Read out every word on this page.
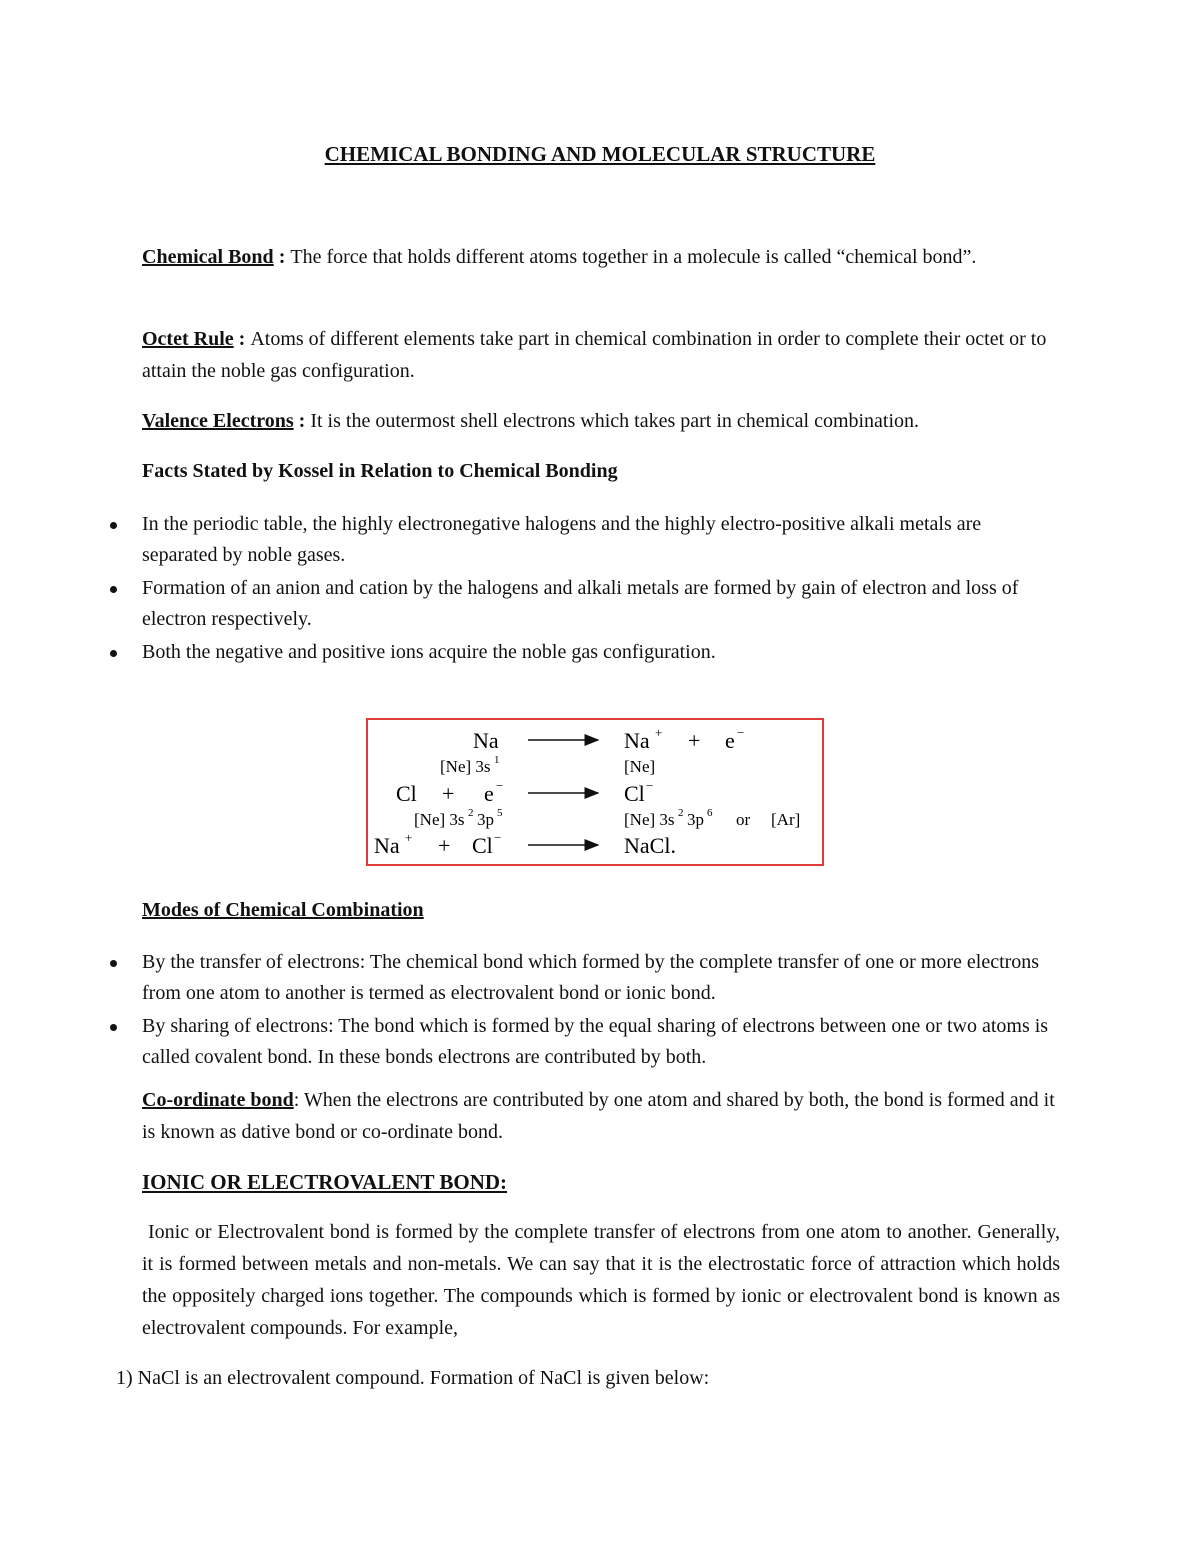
CHEMICAL BONDING AND MOLECULAR STRUCTURE
Chemical Bond : The force that holds different atoms together in a molecule is called “chemical bond”.
Octet Rule : Atoms of different elements take part in chemical combination in order to complete their octet or to attain the noble gas configuration.
Valence Electrons : It is the outermost shell electrons which takes part in chemical combination.
Facts Stated by Kossel in Relation to Chemical Bonding
In the periodic table, the highly electronegative halogens and the highly electro-positive alkali metals are separated by noble gases.
Formation of an anion and cation by the halogens and alkali metals are formed by gain of electron and loss of electron respectively.
Both the negative and positive ions acquire the noble gas configuration.
Na	Na + + e −
[Ne] 3s 1	[Ne]
Cl + e −	Cl −
[Ne] 3s 2 3p 5	[Ne] 3s 2 3p 6 or [Ar]
Na + + Cl −	NaCl.
Modes of Chemical Combination
By the transfer of electrons: The chemical bond which formed by the complete transfer of one or more electrons from one atom to another is termed as electrovalent bond or ionic bond.
By sharing of electrons: The bond which is formed by the equal sharing of electrons between one or two atoms is called covalent bond. In these bonds electrons are contributed by both.
Co-ordinate bond: When the electrons are contributed by one atom and shared by both, the bond is formed and it is known as dative bond or co-ordinate bond.
IONIC OR ELECTROVALENT BOND:
Ionic or Electrovalent bond is formed by the complete transfer of electrons from one atom to another. Generally, it is formed between metals and non-metals. We can say that it is the electrostatic force of attraction which holds the oppositely charged ions together. The compounds which is formed by ionic or electrovalent bond is known as electrovalent compounds. For example,
1) NaCl is an electrovalent compound. Formation of NaCl is given below:
